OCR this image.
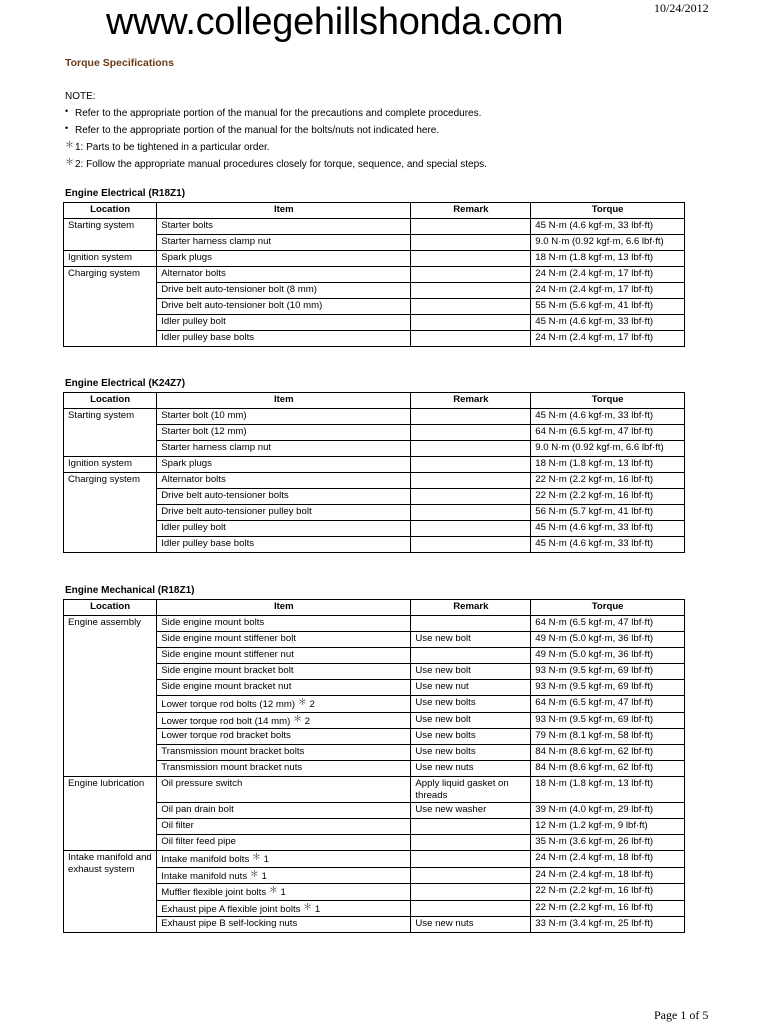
www.collegehillshonda.com	10/24/2012
Torque Specifications
NOTE:
• Refer to the appropriate portion of the manual for the precautions and complete procedures.
• Refer to the appropriate portion of the manual for the bolts/nuts not indicated here.
＊ 1: Parts to be tightened in a particular order.
＊ 2: Follow the appropriate manual procedures closely for torque, sequence, and special steps.
Engine Electrical (R18Z1)
Location	Item	Remark	Torque
Starting system	Starter bolts		45 N·m (4.6 kgf·m, 33 lbf·ft)
	Starter harness clamp nut		9.0 N·m (0.92 kgf·m, 6.6 lbf·ft)
Ignition system	Spark plugs		18 N·m (1.8 kgf·m, 13 lbf·ft)
Charging system	Alternator bolts		24 N·m (2.4 kgf·m, 17 lbf·ft)
	Drive belt auto-tensioner bolt (8 mm)		24 N·m (2.4 kgf·m, 17 lbf·ft)
	Drive belt auto-tensioner bolt (10 mm)		55 N·m (5.6 kgf·m, 41 lbf·ft)
	Idler pulley bolt		45 N·m (4.6 kgf·m, 33 lbf·ft)
	Idler pulley base bolts		24 N·m (2.4 kgf·m, 17 lbf·ft)
Engine Electrical (K24Z7)
Location	Item	Remark	Torque
Starting system	Starter bolt (10 mm)		45 N·m (4.6 kgf·m, 33 lbf·ft)
	Starter bolt (12 mm)		64 N·m (6.5 kgf·m, 47 lbf·ft)
	Starter harness clamp nut		9.0 N·m (0.92 kgf·m, 6.6 lbf·ft)
Ignition system	Spark plugs		18 N·m (1.8 kgf·m, 13 lbf·ft)
Charging system	Alternator bolts		22 N·m (2.2 kgf·m, 16 lbf·ft)
	Drive belt auto-tensioner bolts		22 N·m (2.2 kgf·m, 16 lbf·ft)
	Drive belt auto-tensioner pulley bolt		56 N·m (5.7 kgf·m, 41 lbf·ft)
	Idler pulley bolt		45 N·m (4.6 kgf·m, 33 lbf·ft)
	Idler pulley base bolts		45 N·m (4.6 kgf·m, 33 lbf·ft)
Engine Mechanical (R18Z1)
Location	Item	Remark	Torque
Engine assembly	Side engine mount bolts		64 N·m (6.5 kgf·m, 47 lbf·ft)
	Side engine mount stiffener bolt	Use new bolt	49 N·m (5.0 kgf·m, 36 lbf·ft)
	Side engine mount stiffener nut		49 N·m (5.0 kgf·m, 36 lbf·ft)
	Side engine mount bracket bolt	Use new bolt	93 N·m (9.5 kgf·m, 69 lbf·ft)
	Side engine mount bracket nut	Use new nut	93 N·m (9.5 kgf·m, 69 lbf·ft)
	Lower torque rod bolts (12 mm) ＊ 2	Use new bolts	64 N·m (6.5 kgf·m, 47 lbf·ft)
	Lower torque rod bolt (14 mm) ＊ 2	Use new bolt	93 N·m (9.5 kgf·m, 69 lbf·ft)
	Lower torque rod bracket bolts	Use new bolts	79 N·m (8.1 kgf·m, 58 lbf·ft)
	Transmission mount bracket bolts	Use new bolts	84 N·m (8.6 kgf·m, 62 lbf·ft)
	Transmission mount bracket nuts	Use new nuts	84 N·m (8.6 kgf·m, 62 lbf·ft)
Engine lubrication	Oil pressure switch	Apply liquid gasket on threads	18 N·m (1.8 kgf·m, 13 lbf·ft)
	Oil pan drain bolt	Use new washer	39 N·m (4.0 kgf·m, 29 lbf·ft)
	Oil filter		12 N·m (1.2 kgf·m, 9 lbf·ft)
	Oil filter feed pipe		35 N·m (3.6 kgf·m, 26 lbf·ft)
Intake manifold and exhaust system	Intake manifold bolts ＊ 1		24 N·m (2.4 kgf·m, 18 lbf·ft)
	Intake manifold nuts ＊ 1		24 N·m (2.4 kgf·m, 18 lbf·ft)
	Muffler flexible joint bolts ＊ 1		22 N·m (2.2 kgf·m, 16 lbf·ft)
	Exhaust pipe A flexible joint bolts ＊ 1		22 N·m (2.2 kgf·m, 16 lbf·ft)
	Exhaust pipe B self-locking nuts	Use new nuts	33 N·m (3.4 kgf·m, 25 lbf·ft)
Page 1 of 5
